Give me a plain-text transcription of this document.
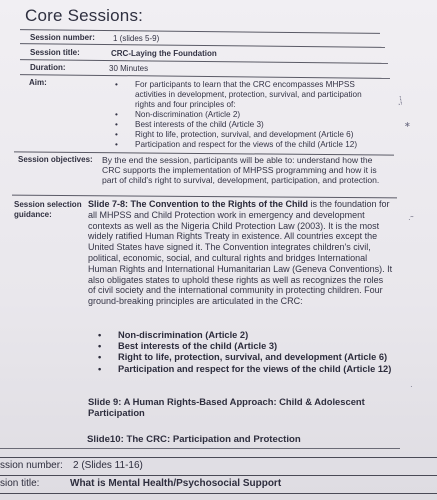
Core Sessions:
Session number: 1 (slides 5-9)
Session title:	CRC-Laying the Foundation
Duration:	30 Minutes
Aim:
•	For participants to learn that the CRC encompasses MHPSS activities in development, protection, survival, and participation rights and four principles of:
• Non-discrimination (Article 2)
• Best interests of the child (Article 3)
• Right to life, protection, survival, and development (Article 6)
• Participation and respect for the views of the child (Article 12)
Session objectives: By the end the session, participants will be able to: understand how the CRC supports the implementation of MHPSS programming and how it is part of child's right to survival, development, participation, and protection.
Session selection
guidance:
Slide 7-8: The Convention to the Rights of the Child is the foundation for all MHPSS and Child Protection work in emergency and development contexts as well as the Nigeria Child Protection Law (2003). It is the most widely ratified Human Rights Treaty in existence. All countries except the United States have signed it. The Convention integrates children's civil, political, economic, social, and cultural rights and bridges International Human Rights and International Humanitarian Law (Geneva Conventions). It also obligates states to uphold these rights as well as recognizes the roles of civil society and the international community in protecting children. Four ground-breaking principles are articulated in the CRC:
• Non-discrimination (Article 2)
• Best interests of the child (Article 3)
• Right to life, protection, survival, and development (Article 6)
• Participation and respect for the views of the child (Article 12)
Slide 9: A Human Rights-Based Approach: Child & Adolescent Participation
Slide10: The CRC: Participation and Protection
ssion number: 2 (Slides 11-16)
sion title:	What is Mental Health/Psychosocial Support
⸼⸽
∗
·˜
·
